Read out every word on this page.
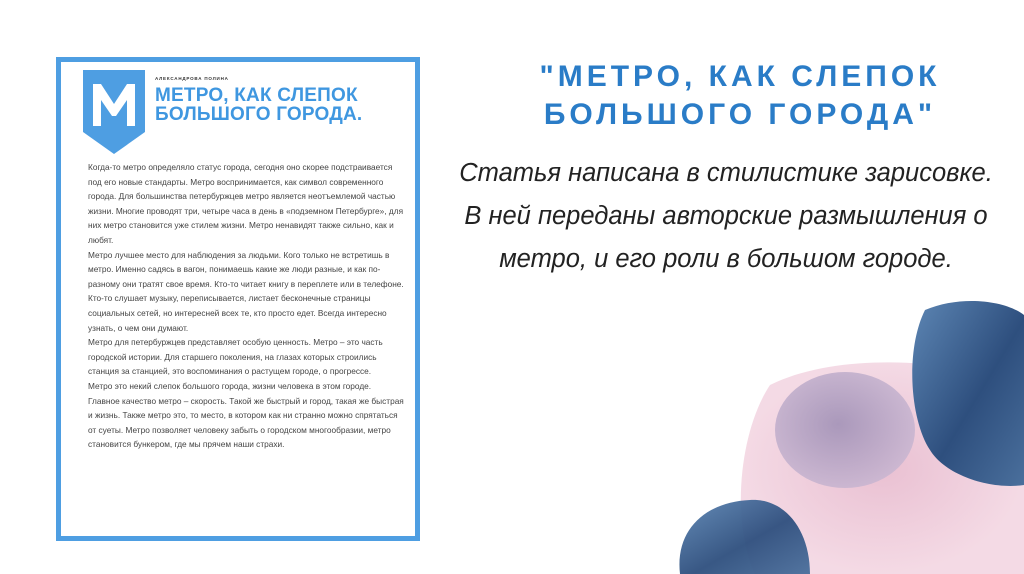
АЛЕКСАНДРОВА ПОЛИНА
МЕТРО, КАК СЛЕПОК БОЛЬШОГО ГОРОДА.

Когда-то метро определяло статус города, сегодня оно скорее подстраивается под его новые стандарты. Метро воспринимается, как символ современного города. Для большинства петербуржцев метро является неотъемлемой частью жизни. Многие проводят три, четыре часа в день в «подземном Петербурге», для них метро становится уже стилем жизни. Метро ненавидят также сильно, как и любят.

Метро лучшее место для наблюдения за людьми. Кого только не встретишь в метро. Именно садясь в вагон, понимаешь какие же люди разные, и как по-разному они тратят свое время. Кто-то читает книгу в переплете или в телефоне. Кто-то слушает музыку, переписывается, листает бесконечные страницы социальных сетей, но интересней всех те, кто просто едет. Всегда интересно узнать, о чем они думают.

Метро для петербуржцев представляет особую ценность. Метро – это часть городской истории. Для старшего поколения, на глазах которых строились станция за станцией, это воспоминания о растущем городе, о прогрессе.

Метро это некий слепок большого города, жизни человека в этом городе. Главное качество метро – скорость. Такой же быстрый и город, такая же быстрая и жизнь. Также метро это, то место, в котором как ни странно можно спрятаться от суеты. Метро позволяет человеку забыть о городском многообразии, метро становится бункером, где мы прячем наши страхи.

"МЕТРО, КАК СЛЕПОК БОЛЬШОГО ГОРОДА"
Статья написана в стилистике зарисовке. В ней переданы авторские размышления о метро, и его роли в большом городе.
